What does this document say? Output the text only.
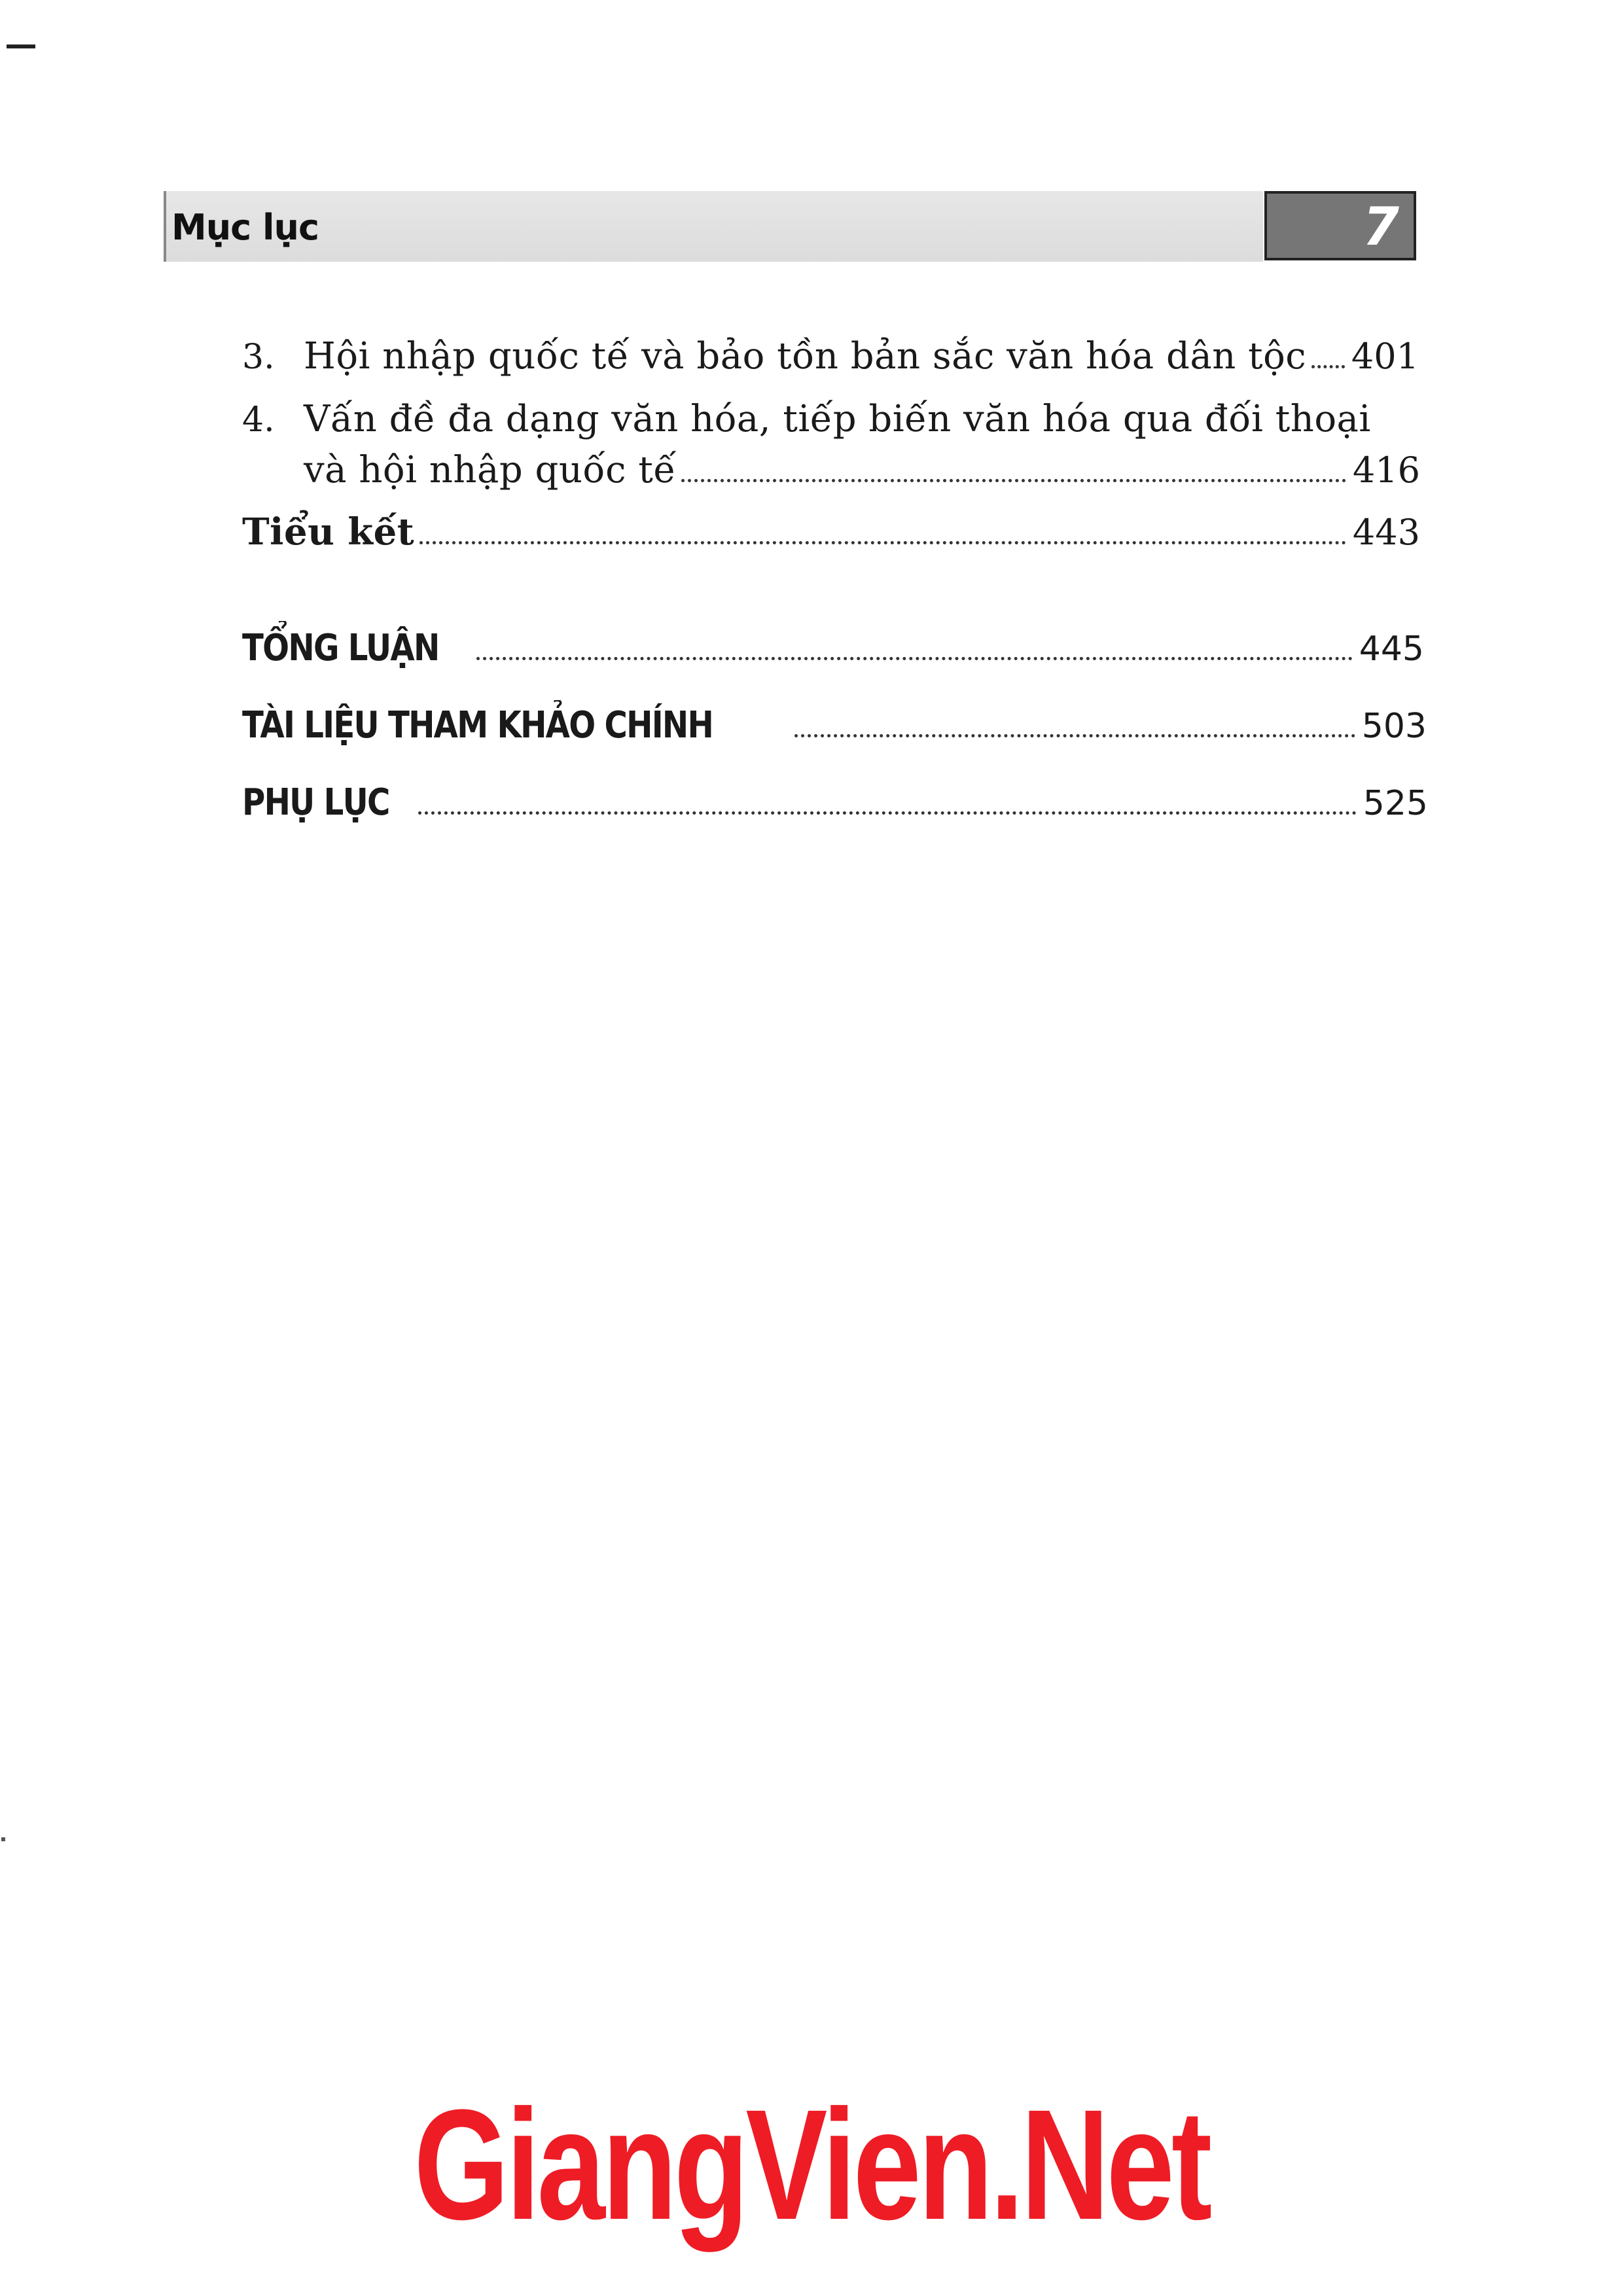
Mục lục	7
3. Hội nhập quốc tế và bảo tồn bản sắc văn hóa dân tộc 401
4. Vấn đề đa dạng văn hóa, tiếp biến văn hóa qua đối thoại
và hội nhập quốc tế	416
Tiểu kết	443
TỔNG LUẬN	445
TÀI LIỆU THAM KHẢO CHÍNH	503
PHỤ LỤC	525
GiangVien.Net
